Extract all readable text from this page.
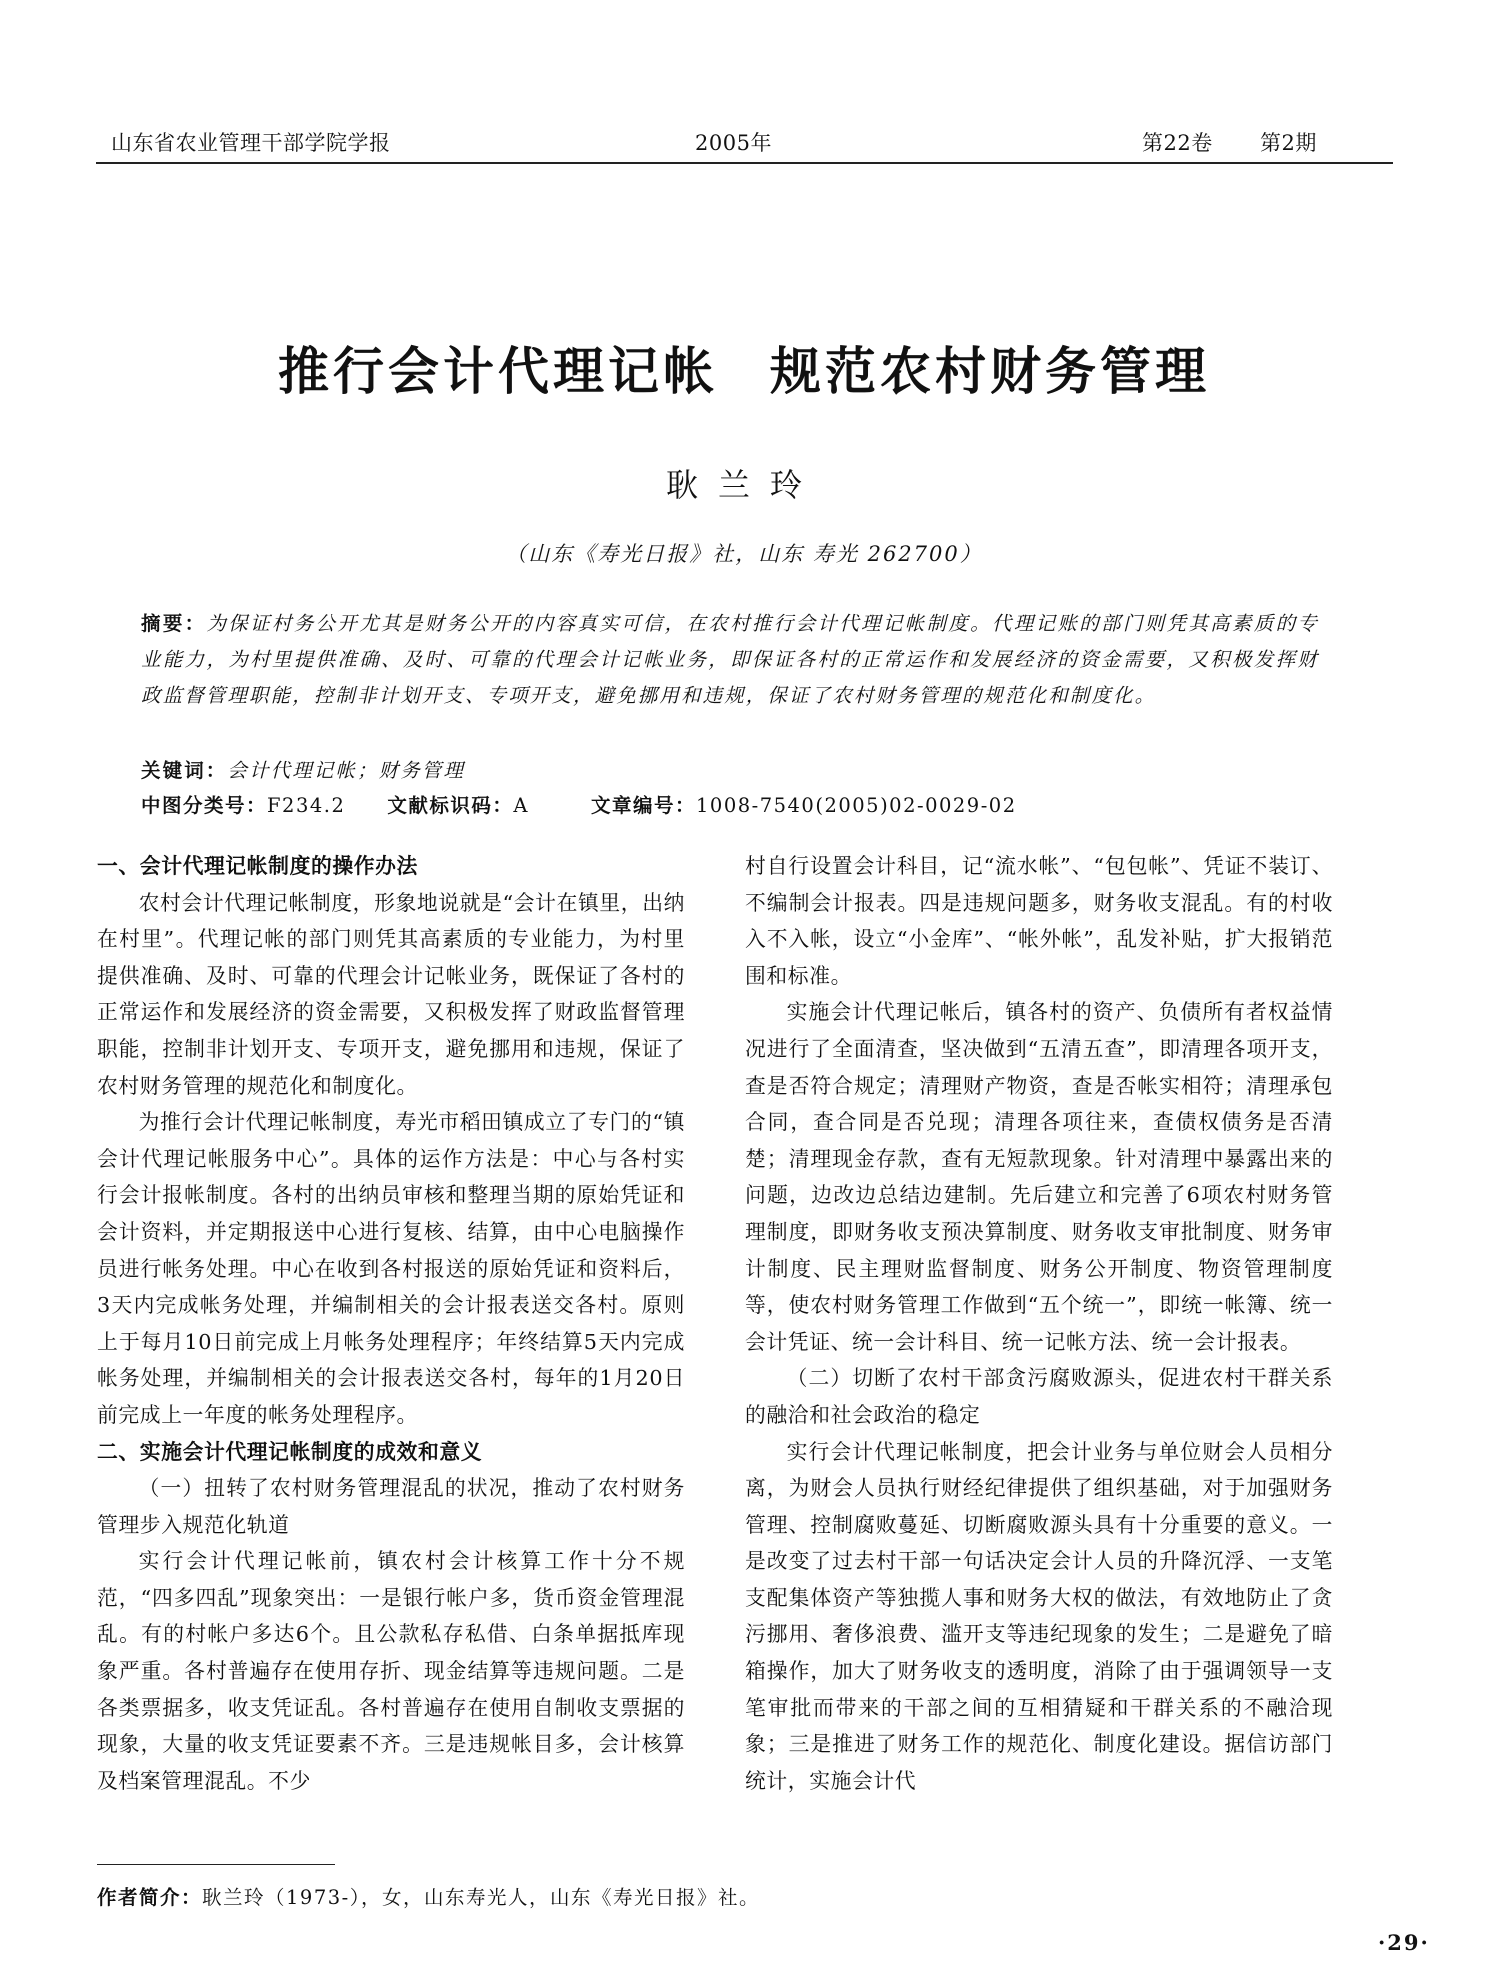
山东省农业管理干部学院学报	2005年	第22卷 第2期
推行会计代理记帐 规范农村财务管理
耿兰玲
（山东《寿光日报》社，山东 寿光 262700）
摘要：为保证村务公开尤其是财务公开的内容真实可信，在农村推行会计代理记帐制度。代理记账的部门则凭其高素质的专业能力，为村里提供准确、及时、可靠的代理会计记帐业务，即保证各村的正常运作和发展经济的资金需要，又积极发挥财政监督管理职能，控制非计划开支、专项开支，避免挪用和违规，保证了农村财务管理的规范化和制度化。
关键词：会计代理记帐；财务管理
中图分类号：F234.2 文献标识码：A	文章编号：1008-7540(2005)02-0029-02
一、会计代理记帐制度的操作办法

农村会计代理记帐制度，形象地说就是“会计在镇里，出纳在村里”。代理记帐的部门则凭其高素质的专业能力，为村里提供准确、及时、可靠的代理会计记帐业务，既保证了各村的正常运作和发展经济的资金需要，又积极发挥了财政监督管理职能，控制非计划开支、专项开支，避免挪用和违规，保证了农村财务管理的规范化和制度化。

为推行会计代理记帐制度，寿光市稻田镇成立了专门的“镇会计代理记帐服务中心”。具体的运作方法是：中心与各村实行会计报帐制度。各村的出纳员审核和整理当期的原始凭证和会计资料，并定期报送中心进行复核、结算，由中心电脑操作员进行帐务处理。中心在收到各村报送的原始凭证和资料后，3天内完成帐务处理，并编制相关的会计报表送交各村。原则上于每月10日前完成上月帐务处理程序；年终结算5天内完成帐务处理，并编制相关的会计报表送交各村，每年的1月20日前完成上一年度的帐务处理程序。

二、实施会计代理记帐制度的成效和意义

（一）扭转了农村财务管理混乱的状况，推动了农村财务管理步入规范化轨道

实行会计代理记帐前，镇农村会计核算工作十分不规范，“四多四乱”现象突出：一是银行帐户多，货币资金管理混乱。有的村帐户多达6个。且公款私存私借、白条单据抵库现象严重。各村普遍存在使用存折、现金结算等违规问题。二是各类票据多，收支凭证乱。各村普遍存在使用自制收支票据的现象，大量的收支凭证要素不齐。三是违规帐目多，会计核算及档案管理混乱。不少

村自行设置会计科目，记“流水帐”、“包包帐”、凭证不装订、不编制会计报表。四是违规问题多，财务收支混乱。有的村收入不入帐，设立“小金库”、“帐外帐”，乱发补贴，扩大报销范围和标准。

实施会计代理记帐后，镇各村的资产、负债所有者权益情况进行了全面清查，坚决做到“五清五查”，即清理各项开支，查是否符合规定；清理财产物资，查是否帐实相符；清理承包合同，查合同是否兑现；清理各项往来，查债权债务是否清楚；清理现金存款，查有无短款现象。针对清理中暴露出来的问题，边改边总结边建制。先后建立和完善了6项农村财务管理制度，即财务收支预决算制度、财务收支审批制度、财务审计制度、民主理财监督制度、财务公开制度、物资管理制度等，使农村财务管理工作做到“五个统一”，即统一帐簿、统一会计凭证、统一会计科目、统一记帐方法、统一会计报表。

（二）切断了农村干部贪污腐败源头，促进农村干群关系的融洽和社会政治的稳定

实行会计代理记帐制度，把会计业务与单位财会人员相分离，为财会人员执行财经纪律提供了组织基础，对于加强财务管理、控制腐败蔓延、切断腐败源头具有十分重要的意义。一是改变了过去村干部一句话决定会计人员的升降沉浮、一支笔支配集体资产等独揽人事和财务大权的做法，有效地防止了贪污挪用、奢侈浪费、滥开支等违纪现象的发生；二是避免了暗箱操作，加大了财务收支的透明度，消除了由于强调领导一支笔审批而带来的干部之间的互相猜疑和干群关系的不融洽现象；三是推进了财务工作的规范化、制度化建设。据信访部门统计，实施会计代

作者简介：耿兰玲（1973-），女，山东寿光人，山东《寿光日报》社。
·29·
